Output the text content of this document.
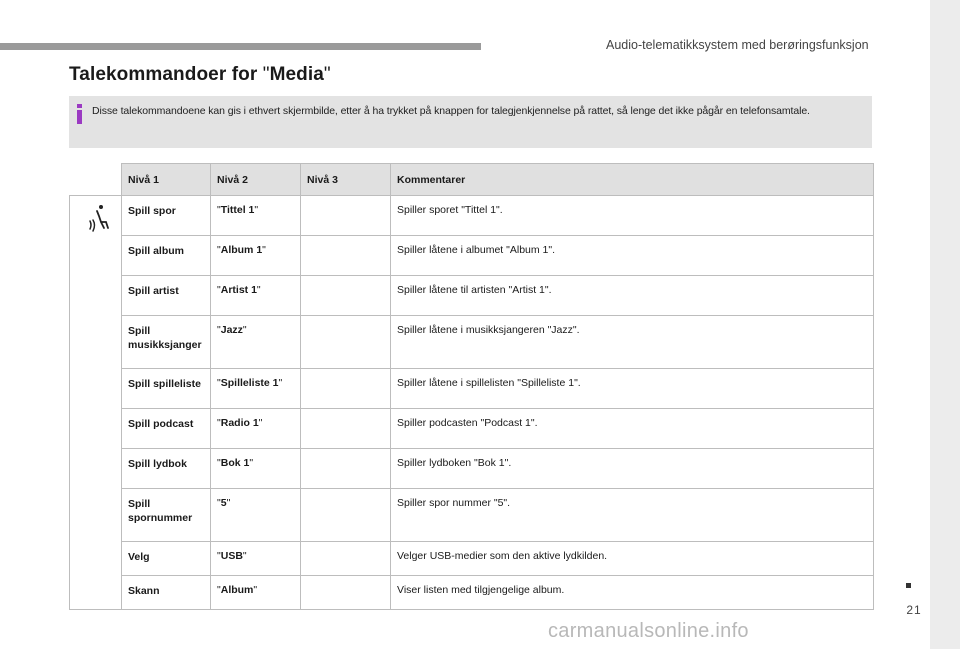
Audio-telematikksystem med berøringsfunksjon
Talekommandoer for "Media"
Disse talekommandoene kan gis i ethvert skjermbilde, etter å ha trykket på knappen for talegjenkjennelse på rattet, så lenge det ikke pågår en telefonsamtale.
	Nivå 1	Nivå 2	Nivå 3	Kommentarer
	Spill spor	"Tittel 1"		Spiller sporet "Tittel 1".
	Spill album	"Album 1"		Spiller låtene i albumet "Album 1".
	Spill artist	"Artist 1"		Spiller låtene til artisten "Artist 1".
	Spill musikksjanger	"Jazz"		Spiller låtene i musikksjangeren "Jazz".
	Spill spilleliste	"Spilleliste 1"		Spiller låtene i spillelisten "Spilleliste 1".
	Spill podcast	"Radio 1"		Spiller podcasten "Podcast 1".
	Spill lydbok	"Bok 1"		Spiller lydboken "Bok 1".
	Spill spornummer	"5"		Spiller spor nummer "5".
	Velg	"USB"		Velger USB-medier som den aktive lydkilden.
	Skann	"Album"		Viser listen med tilgjengelige album.
21
carmanualsonline.info
